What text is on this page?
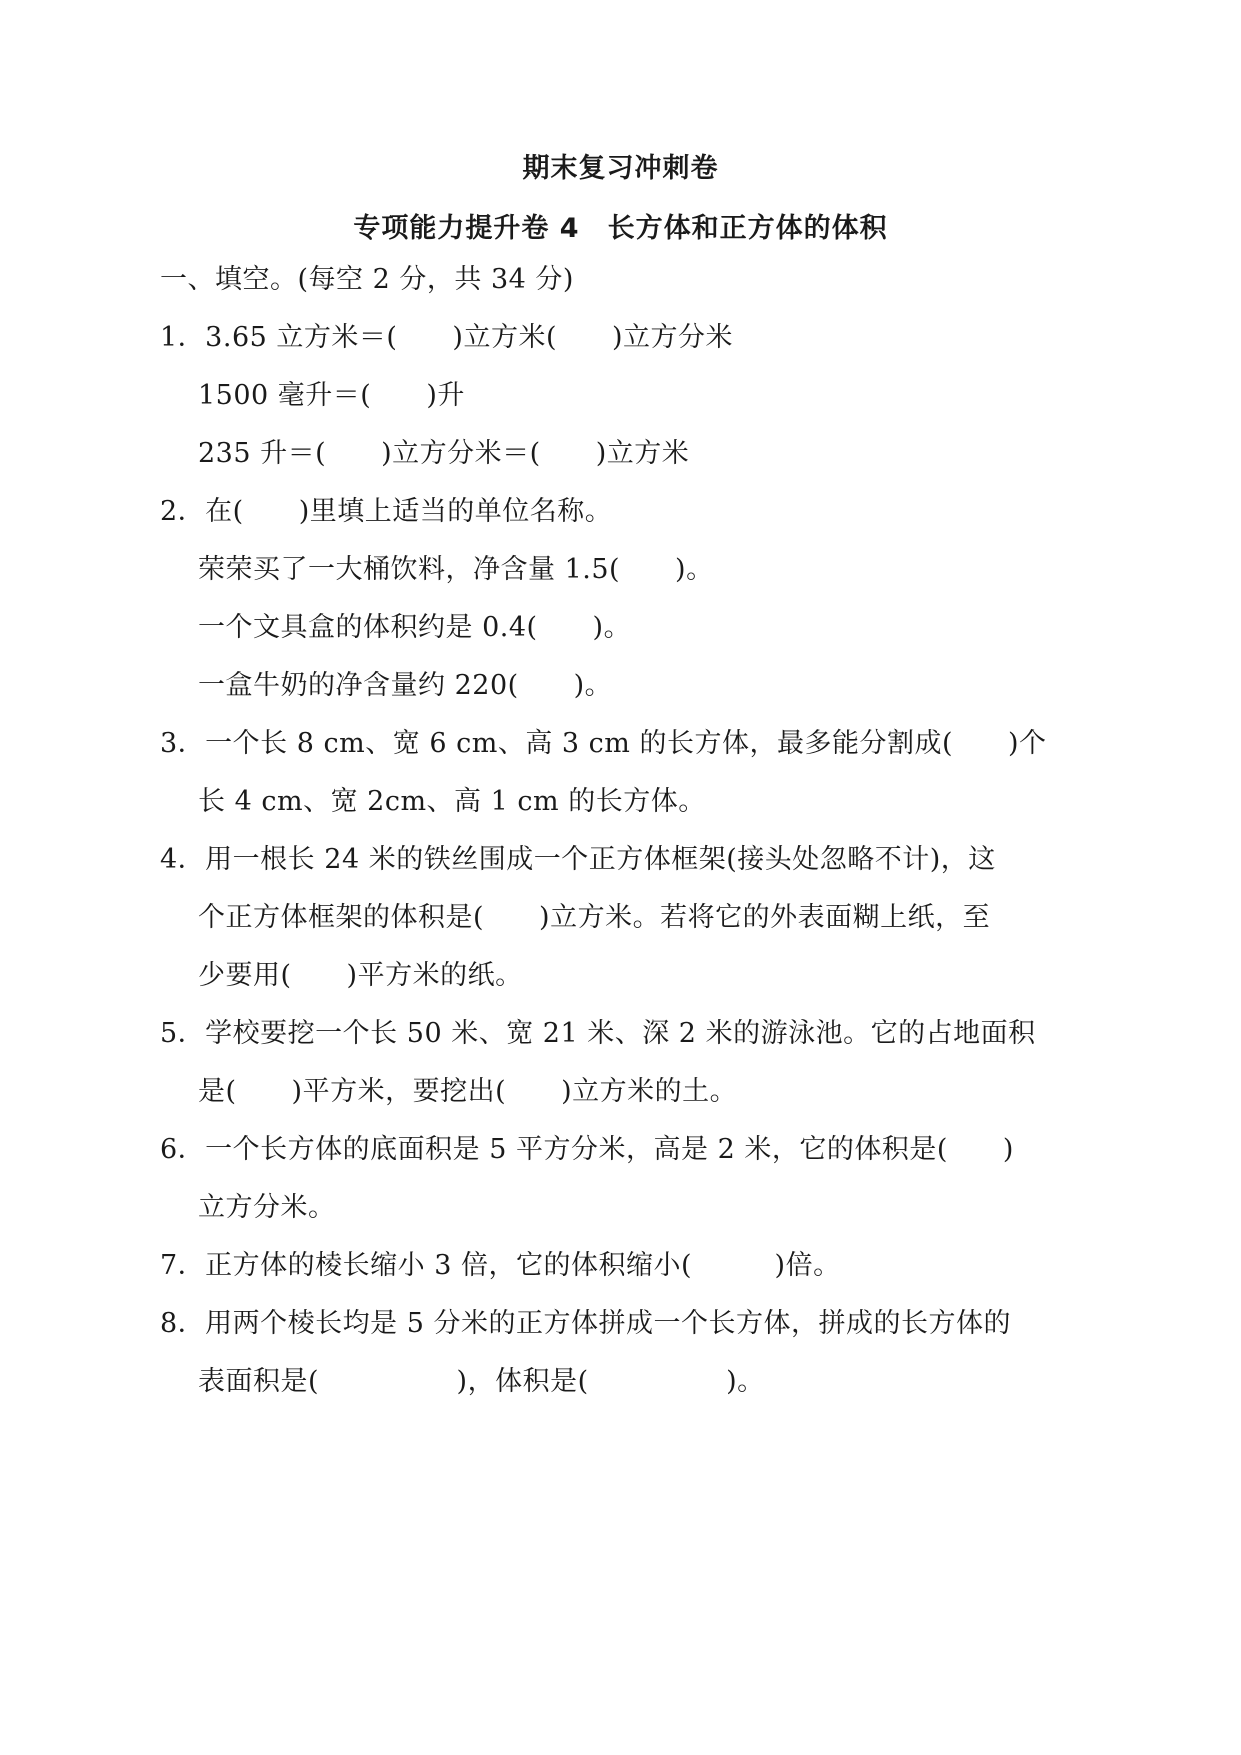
期末复习冲刺卷
专项能力提升卷 4　长方体和正方体的体积
一、填空。(每空 2 分，共 34 分)
1．3.65 立方米＝(　　)立方米(　　)立方分米
1500 毫升＝(　　)升
235 升＝(　　)立方分米＝(　　)立方米
2．在(　　)里填上适当的单位名称。
荣荣买了一大桶饮料，净含量 1.5(　　)。
一个文具盒的体积约是 0.4(　　)。
一盒牛奶的净含量约 220(　　)。
3．一个长 8 cm、宽 6 cm、高 3 cm 的长方体，最多能分割成(　　)个
长 4 cm、宽 2cm、高 1 cm 的长方体。
4．用一根长 24 米的铁丝围成一个正方体框架(接头处忽略不计)，这
个正方体框架的体积是(　　)立方米。若将它的外表面糊上纸，至
少要用(　　)平方米的纸。
5．学校要挖一个长 50 米、宽 21 米、深 2 米的游泳池。它的占地面积
是(　　)平方米，要挖出(　　)立方米的土。
6．一个长方体的底面积是 5 平方分米，高是 2 米，它的体积是(　　)
立方分米。
7．正方体的棱长缩小 3 倍，它的体积缩小(　　　)倍。
8．用两个棱长均是 5 分米的正方体拼成一个长方体，拼成的长方体的
表面积是(　　　　　)，体积是(　　　　　)。
